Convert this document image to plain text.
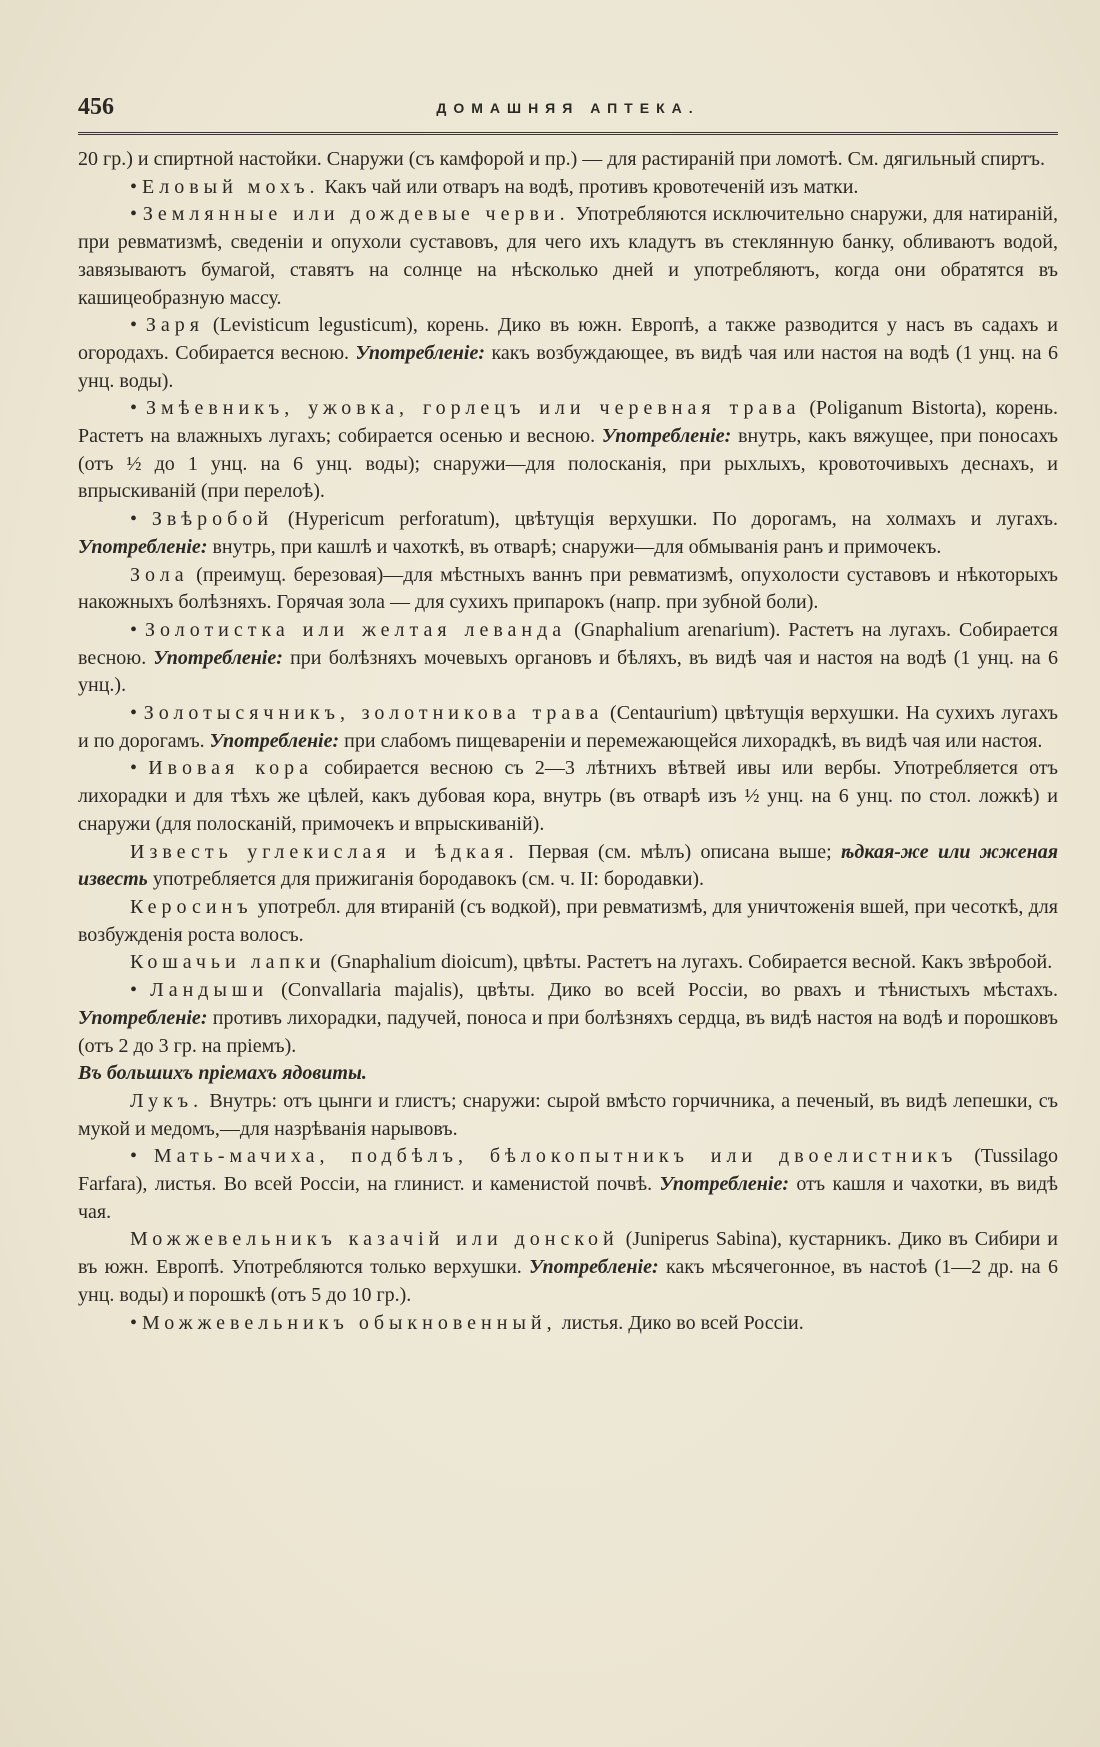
456	ДОМАШНЯЯ АПТЕКА.

20 гр.) и спиртной настойки. Снаружи (съ камфорой и пр.) — для растираній при ломотѣ. См. дягильный спиртъ.

• Еловый мохъ. Какъ чай или отваръ на водѣ, противъ кровотеченій изъ матки.

• Землянные или дождевые черви. Употребляются исключительно снаружи, для натираній, при ревматизмѣ, сведеніи и опухоли суставовъ, для чего ихъ кладутъ въ стеклянную банку, обливаютъ водой, завязываютъ бумагой, ставятъ на солнце на нѣсколько дней и употребляютъ, когда они обратятся въ кашицеобразную массу.

• Заря (Levisticum legusticum), корень. Дико въ южн. Европѣ, а также разводится у насъ въ садахъ и огородахъ. Собирается весною. Употребленіе: какъ возбуждающее, въ видѣ чая или настоя на водѣ (1 унц. на 6 унц. воды).

• Змѣевникъ, ужовка, горлецъ или черевная трава (Poliganum Bistorta), корень. Растетъ на влажныхъ лугахъ; собирается осенью и весною. Употребленіе: внутрь, какъ вяжущее, при поносахъ (отъ ½ до 1 унц. на 6 унц. воды); снаружи—для полосканія, при рыхлыхъ, кровоточивыхъ деснахъ, и впрыскиваній (при перелоѣ).

• Звѣробой (Hypericum perforatum), цвѣтущія верхушки. По дорогамъ, на холмахъ и лугахъ. Употребленіе: внутрь, при кашлѣ и чахоткѣ, въ отварѣ; снаружи—для обмыванія ранъ и примочекъ.

Зола (преимущ. березовая)—для мѣстныхъ ваннъ при ревматизмѣ, опухолости суставовъ и нѣкоторыхъ накожныхъ болѣзняхъ. Горячая зола — для сухихъ припарокъ (напр. при зубной боли).

• Золотистка или желтая леванда (Gnaphalium arenarium). Растетъ на лугахъ. Собирается весною. Употребленіе: при болѣзняхъ мочевыхъ органовъ и бѣляхъ, въ видѣ чая и настоя на водѣ (1 унц. на 6 унц.).

• Золотысячникъ, золотникова трава (Centaurium) цвѣтущія верхушки. На сухихъ лугахъ и по дорогамъ. Употребленіе: при слабомъ пищевареніи и перемежающейся лихорадкѣ, въ видѣ чая или настоя.

• Ивовая кора собирается весною съ 2—3 лѣтнихъ вѣтвей ивы или вербы. Употребляется отъ лихорадки и для тѣхъ же цѣлей, какъ дубовая кора, внутрь (въ отварѣ изъ ½ унц. на 6 унц. по стол. ложкѣ) и снаружи (для полосканій, примочекъ и впрыскиваній).

Известь углекислая и ѣдкая. Первая (см. мѣлъ) описана выше; ѣдкая-же или жженая известь употребляется для прижиганія бородавокъ (см. ч. II: бородавки).

Керосинъ употребл. для втираній (съ водкой), при ревматизмѣ, для уничтоженія вшей, при чесоткѣ, для возбужденія роста волосъ.

Кошачьи лапки (Gnaphalium dioicum), цвѣты. Растетъ на лугахъ. Собирается весной. Какъ звѣробой.

• Ландыши (Convallaria majalis), цвѣты. Дико во всей Россіи, во рвахъ и тѣнистыхъ мѣстахъ. Употребленіе: противъ лихорадки, падучей, поноса и при болѣзняхъ сердца, въ видѣ настоя на водѣ и порошковъ (отъ 2 до 3 гр. на пріемъ).

Въ большихъ пріемахъ ядовиты.

Лукъ. Внутрь: отъ цынги и глистъ; снаружи: сырой вмѣсто горчичника, а печеный, въ видѣ лепешки, съ мукой и медомъ,—для назрѣванія нарывовъ.

• Мать-мачиха, подбѣлъ, бѣлокопытникъ или двоелистникъ (Tussilago Farfara), листья. Во всей Россіи, на глинист. и каменистой почвѣ. Употребленіе: отъ кашля и чахотки, въ видѣ чая.

Можжевельникъ казачій или донской (Juniperus Sabina), кустарникъ. Дико въ Сибири и въ южн. Европѣ. Употребляются только верхушки. Употребленіе: какъ мѣсячегонное, въ настоѣ (1—2 др. на 6 унц. воды) и порошкѣ (отъ 5 до 10 гр.).

• Можжевельникъ обыкновенный, листья. Дико во всей Россіи.
